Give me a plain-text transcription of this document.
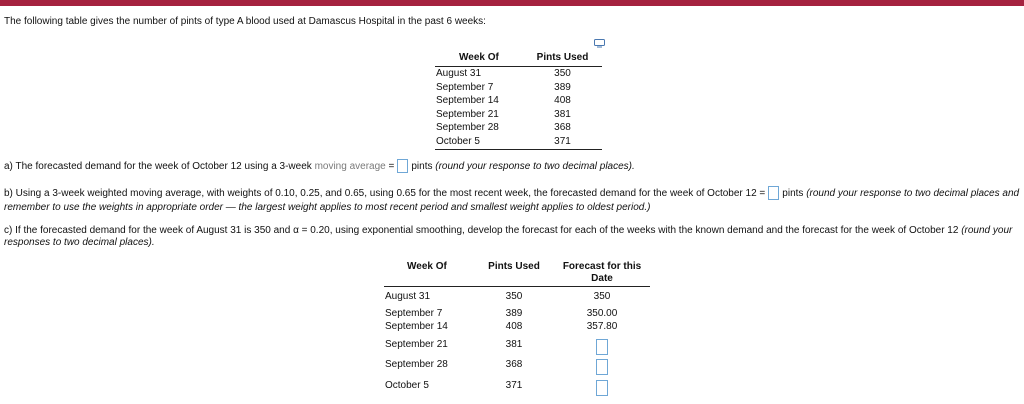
The following table gives the number of pints of type A blood used at Damascus Hospital in the past 6 weeks:
Week Of	Pints Used
August 31	350
September 7	389
September 14	408
September 21	381
September 28	368
October 5	371
a) The forecasted demand for the week of October 12 using a 3-week
moving average
= pints
(round your response to two decimal places).
b) Using a 3-week weighted moving average, with weights of 0.10, 0.25, and 0.65, using 0.65 for the most recent week, the forecasted demand for the week of October 12 = pints
(round your response to two decimal places and
remember to use the weights in appropriate order — the largest weight applies to most recent period and smallest weight applies to oldest period.)
c) If the forecasted demand for the week of August 31 is 350 and α = 0.20, using exponential smoothing, develop the forecast for each of the weeks with the known demand and the forecast for the week of October 12 (round your
responses to two decimal places).
Week Of	Pints Used	Forecast for this Date
August 31	350	350
September 7	389	350.00
September 14	408	357.80
September 21	381
September 28	368
October 5	371
